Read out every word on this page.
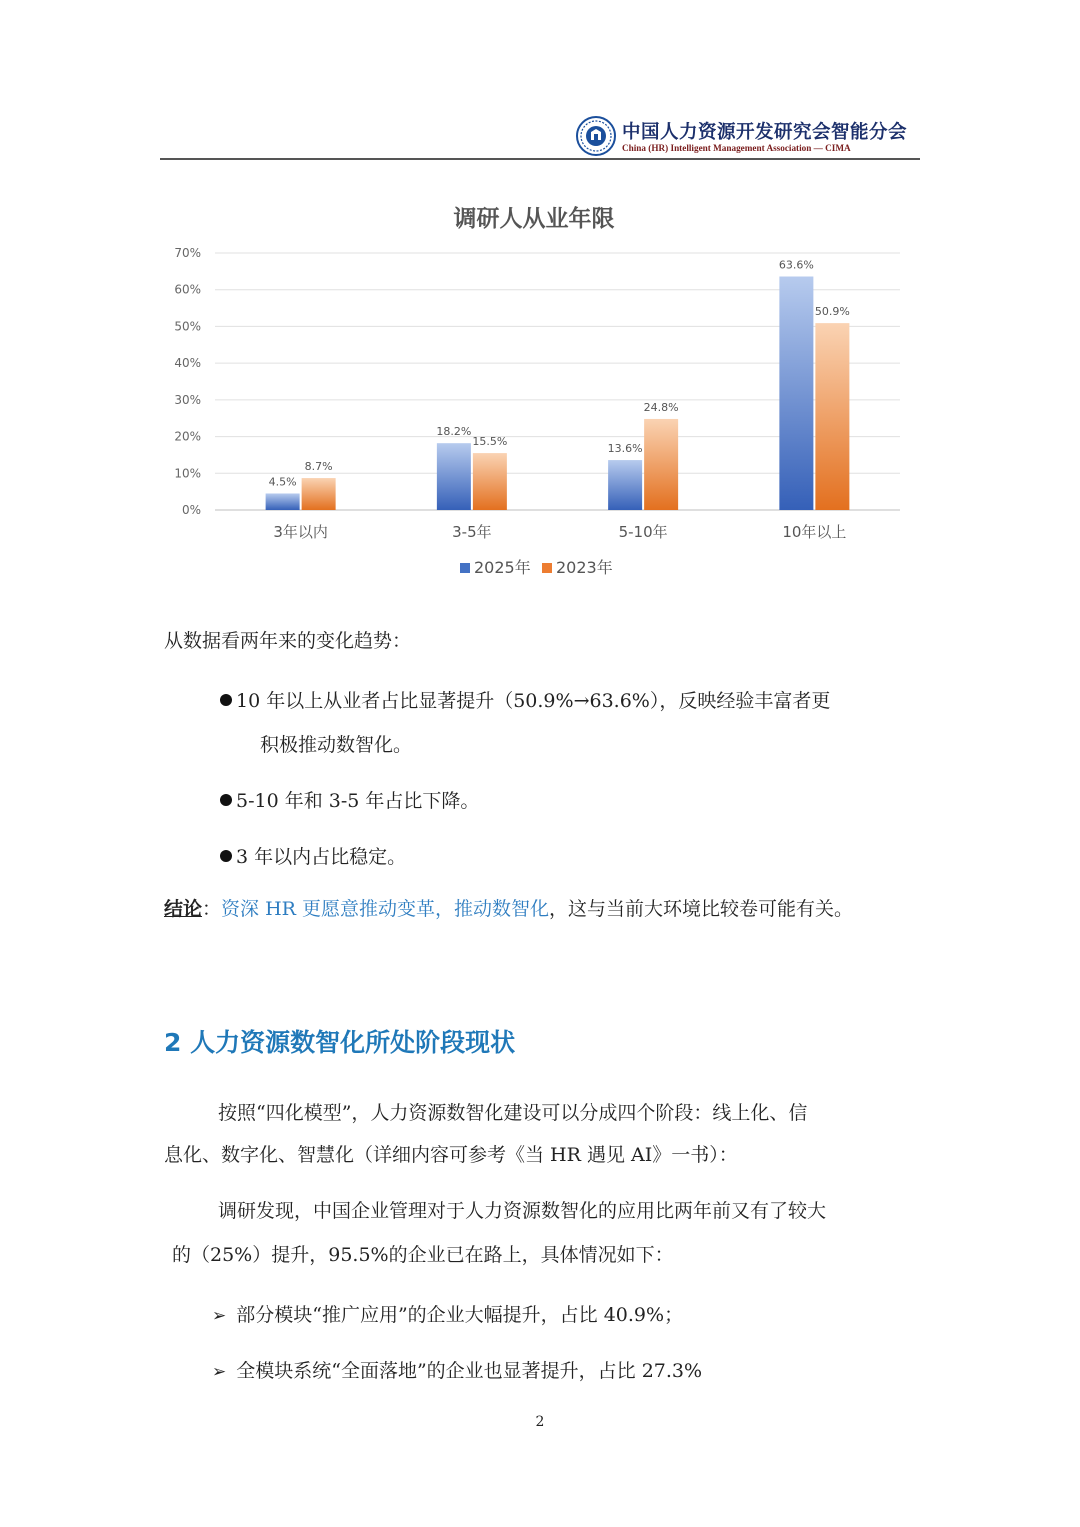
中国人力资源开发研究会智能分会
China (HR) Intelligent Management Association — CIMA
调研人从业年限
0%
10%
20%
30%
40%
50%
60%
70%
4.5%
8.7%
3年以内
18.2%
15.5%
3-5年
13.6%
24.8%
5-10年
63.6%
50.9%
10年以上
2025年 2023年
从数据看两年来的变化趋势：
10 年以上从业者占比显著提升（50.9%→63.6%），反映经验丰富者更
积极推动数智化。
5-10 年和 3-5 年占比下降。
3 年以内占比稳定。
结论：资深 HR 更愿意推动变革，推动数智化，这与当前大环境比较卷可能有关。
2 人力资源数智化所处阶段现状
按照“四化模型”，人力资源数智化建设可以分成四个阶段：线上化、信
息化、数字化、智慧化（详细内容可参考《当 HR 遇见 AI》一书）：
调研发现，中国企业管理对于人力资源数智化的应用比两年前又有了较大
的（25%）提升，95.5%的企业已在路上，具体情况如下：
➢ 部分模块“推广应用”的企业大幅提升，占比 40.9%；
➢ 全模块系统“全面落地”的企业也显著提升，占比 27.3%
2
